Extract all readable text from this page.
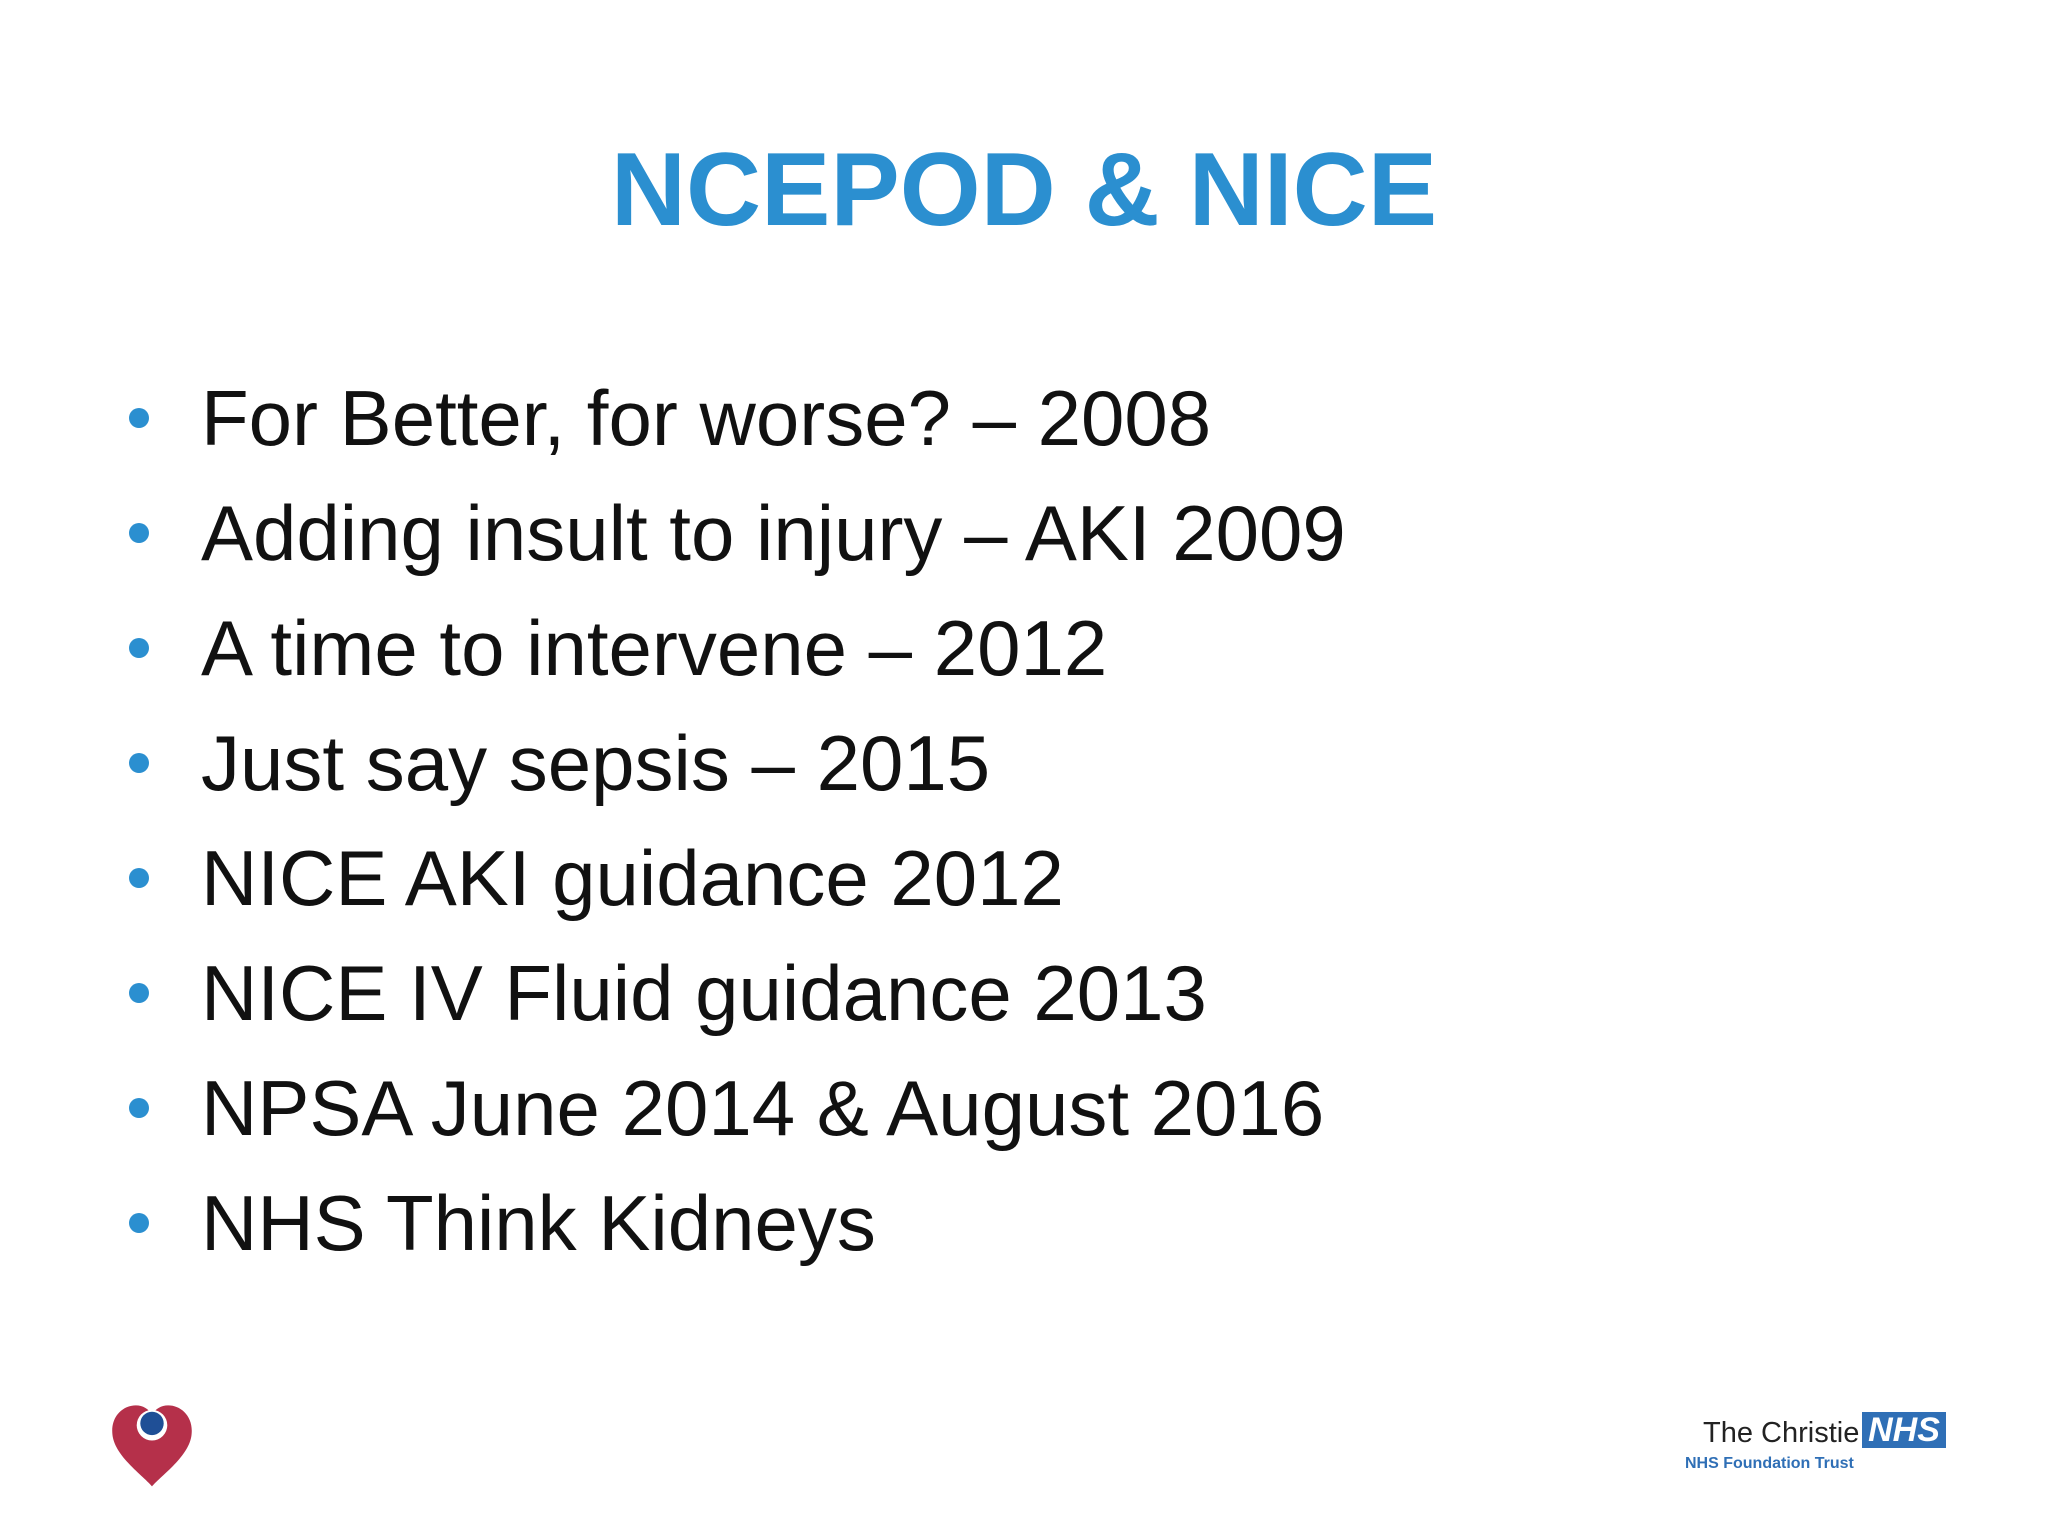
NCEPOD & NICE
For Better, for worse? – 2008
Adding insult to injury – AKI 2009
A time to intervene – 2012
Just say sepsis – 2015
NICE AKI guidance 2012
NICE IV Fluid guidance 2013
NPSA June 2014 & August 2016
NHS Think Kidneys
The Christie NHS
NHS Foundation Trust
